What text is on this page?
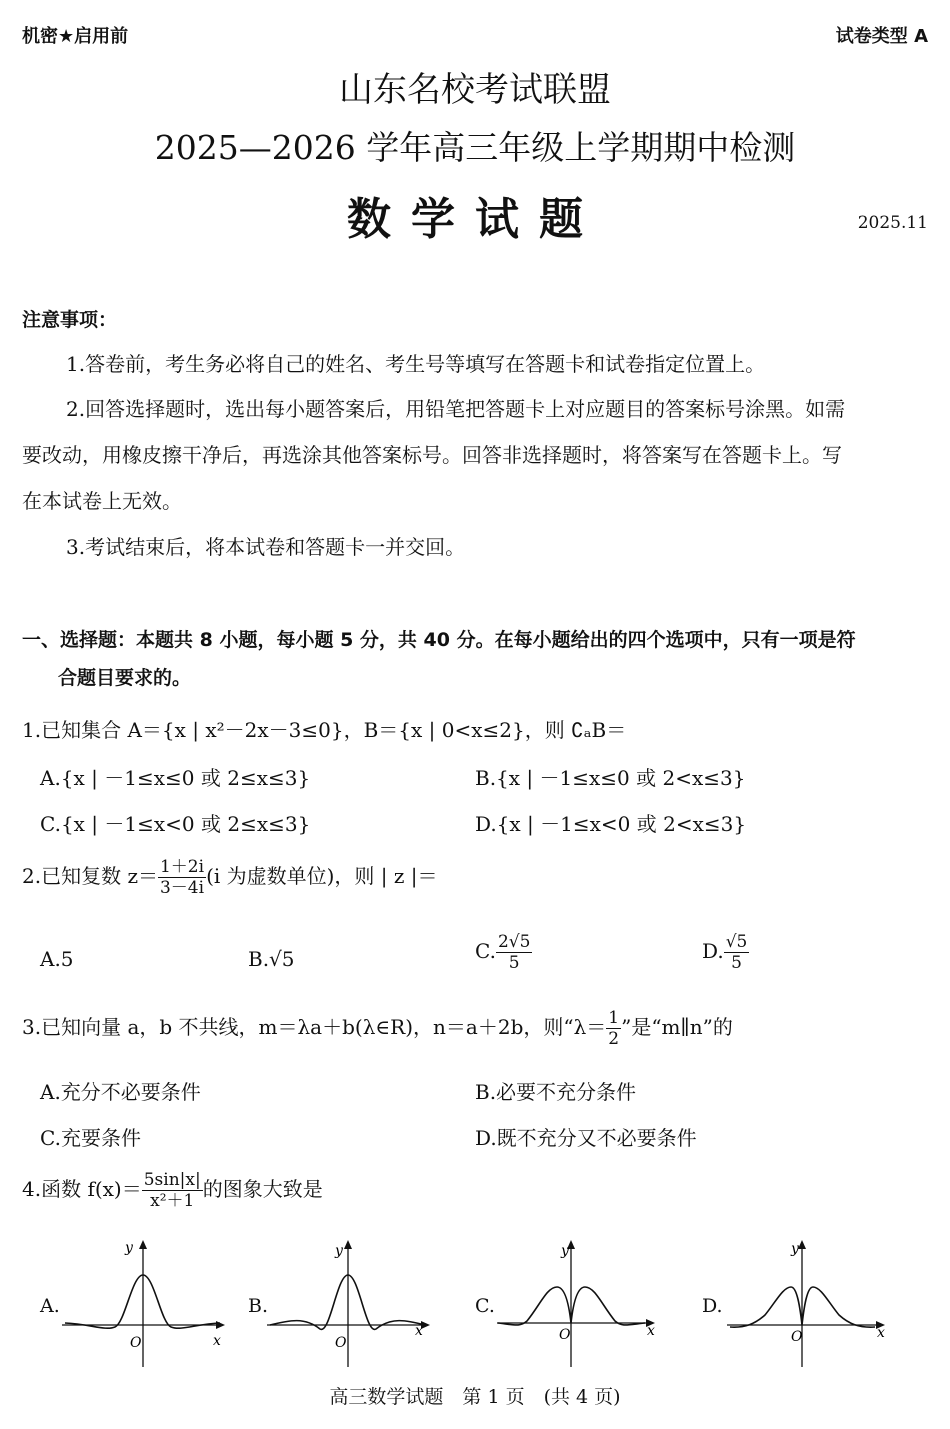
机密★启用前	试卷类型 A
山东名校考试联盟
2025—2026 学年高三年级上学期期中检测
数学试题	2025.11
注意事项：
1.答卷前，考生务必将自己的姓名、考生号等填写在答题卡和试卷指定位置上。
2.回答选择题时，选出每小题答案后，用铅笔把答题卡上对应题目的答案标号涂黑。如需
要改动，用橡皮擦干净后，再选涂其他答案标号。回答非选择题时，将答案写在答题卡上。写
在本试卷上无效。
3.考试结束后，将本试卷和答题卡一并交回。
一、选择题：本题共 8 小题，每小题 5 分，共 40 分。在每小题给出的四个选项中，只有一项是符
合题目要求的。
1.已知集合 A＝{x | x²－2x－3≤0}，B＝{x | 0<x≤2}，则 ∁ₐB＝
A.{x | －1≤x≤0 或 2≤x≤3}	B.{x | －1≤x≤0 或 2<x≤3}
C.{x | －1≤x<0 或 2≤x≤3}	D.{x | －1≤x<0 或 2<x≤3}
2.已知复数 $z= \frac{1+2i}{3-4i} (i$ 为虚数单位)，则 | z |＝
A.5	B.√5	C. $\frac{2√5}{5}$	D. $\frac{√5}{5}$
3.已知向量 a，b 不共线，m＝λa＋b(λ∈R)，n＝a＋2b，则“$\lambda= \frac{1}{2}$ ”是“m∥n”的
A.充分不必要条件	B.必要不充分条件
C.充要条件	D.既不充分又不必要条件
4.函数 $f(x)= \frac{5\sin|x|}{\text{x²＋1}}$ 的图象大致是
A.
y
x
O
B.
y
x
O
C.
y
x
O
D.
y
x
O
高三数学试题　第 1 页　(共 4 页)
